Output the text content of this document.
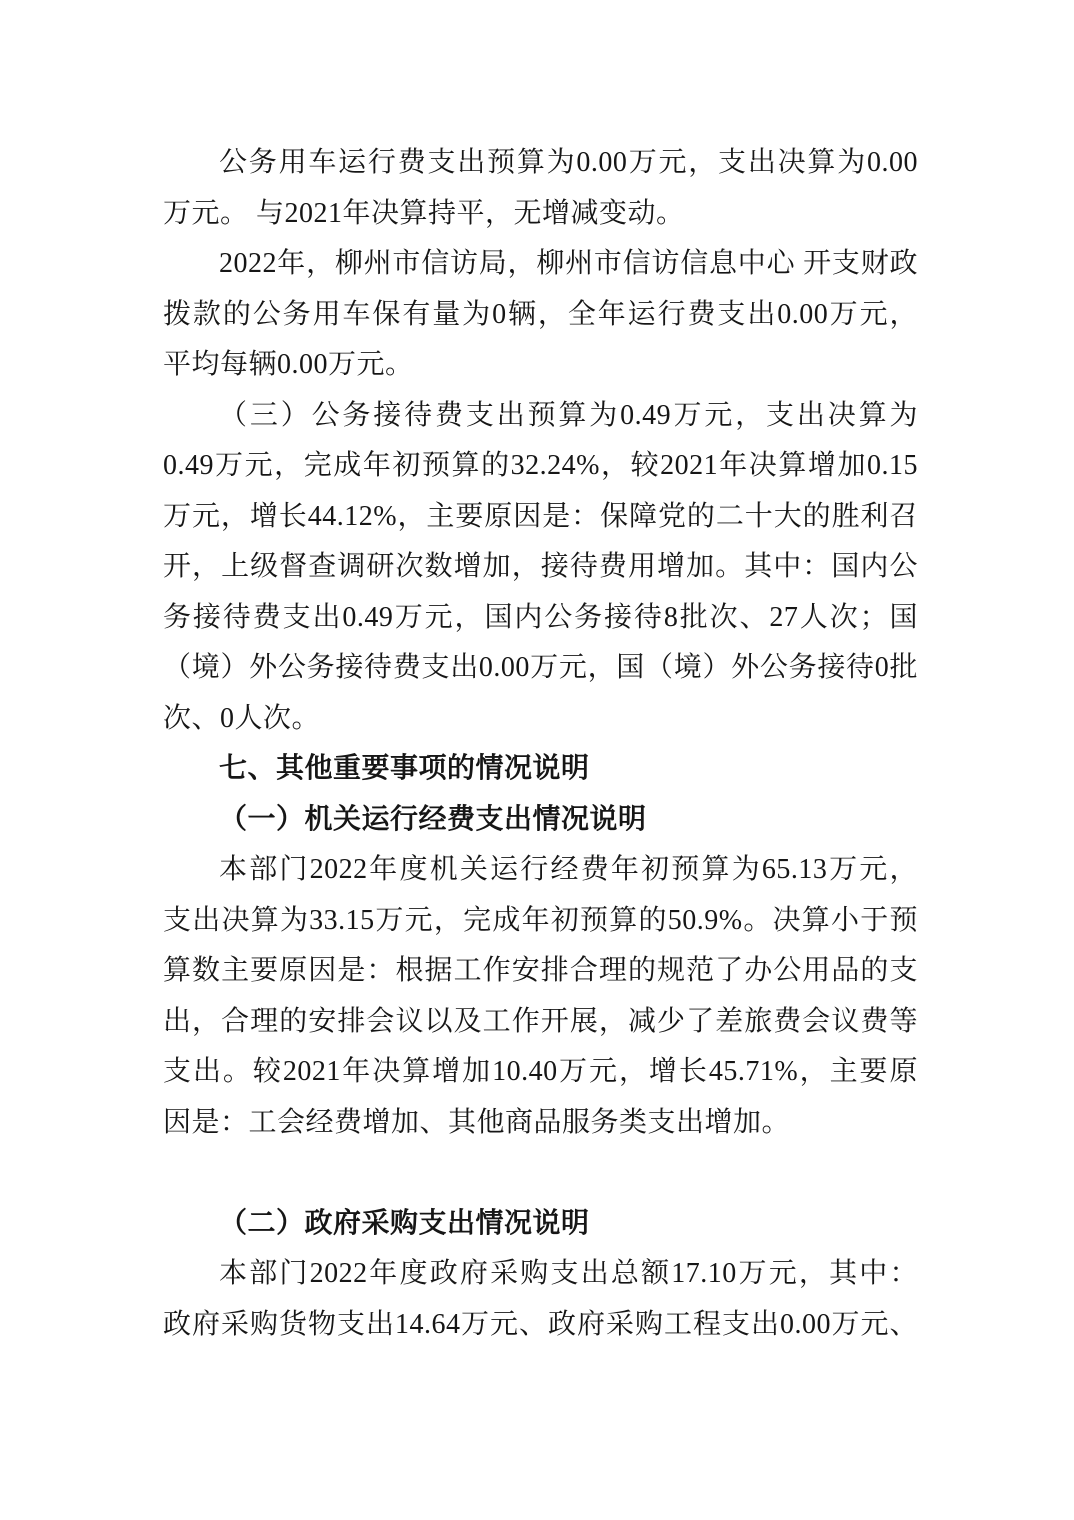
公务用车运行费支出预算为0.00万元，支出决算为0.00
万元。 与2021年决算持平，无增减变动。
2022年，柳州市信访局，柳州市信访信息中心 开支财政
拨款的公务用车保有量为0辆，全年运行费支出0.00万元，
平均每辆0.00万元。
（三）公务接待费支出预算为0.49万元，支出决算为
0.49万元，完成年初预算的32.24%，较2021年决算增加0.15
万元，增长44.12%，主要原因是：保障党的二十大的胜利召
开，上级督查调研次数增加，接待费用增加。其中：国内公
务接待费支出0.49万元，国内公务接待8批次、27人次；国
（境）外公务接待费支出0.00万元，国（境）外公务接待0批
次、0人次。
七、其他重要事项的情况说明
（一）机关运行经费支出情况说明
本部门2022年度机关运行经费年初预算为65.13万元，
支出决算为33.15万元，完成年初预算的50.9%。决算小于预
算数主要原因是：根据工作安排合理的规范了办公用品的支
出，合理的安排会议以及工作开展，减少了差旅费会议费等
支出。较2021年决算增加10.40万元，增长45.71%，主要原
因是：工会经费增加、其他商品服务类支出增加。
（二）政府采购支出情况说明
本部门2022年度政府采购支出总额17.10万元，其中：
政府采购货物支出14.64万元、政府采购工程支出0.00万元、
